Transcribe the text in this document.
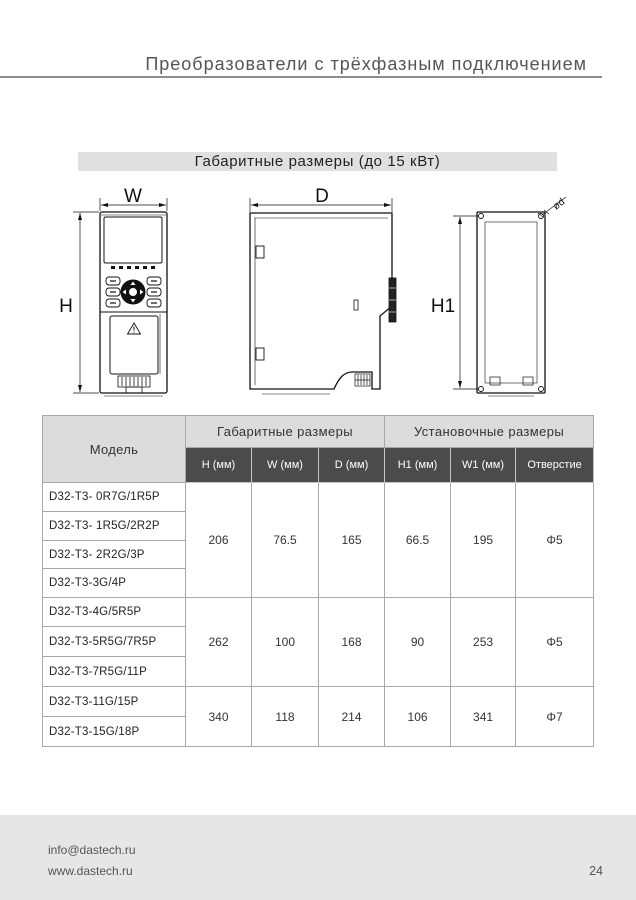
Преобразователи с трёхфазным подключением
Габаритные размеры (до 15 кВт)
W
H
D
H1
ød
Модель	Габаритные размеры			Установочные размеры		
	H (мм)	W (мм)	D (мм)	H1 (мм)	W1 (мм)	Отверстие
D32-T3- 0R7G/1R5P	206	76.5	165	66.5	195	Φ5
D32-T3- 1R5G/2R2P						
D32-T3- 2R2G/3P						
D32-T3-3G/4P						
D32-T3-4G/5R5P	262	100	168	90	253	Φ5
D32-T3-5R5G/7R5P						
D32-T3-7R5G/11P						
D32-T3-11G/15P	340	118	214	106	341	Φ7
D32-T3-15G/18P						
info@dastech.ru
www.dastech.ru	24
